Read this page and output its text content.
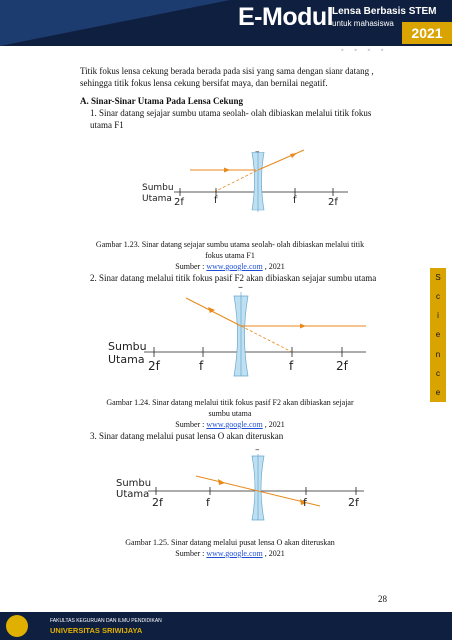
E-Modul
Lensa Berbasis STEM
untuk mahasiswa
2021
• • • •
S
c
i
e
n
c
e
Titik fokus lensa cekung berada berada pada sisi yang sama dengan sianr datang ,
sehingga titik fokus lensa cekung bersifat maya, dan bernilai negatif.
A. Sinar-Sinar Utama Pada Lensa Cekung
1. Sinar datang sejajar sumbu utama seolah- olah dibiaskan melalui titik fokus
utama F1
–
Sumbu
Utama 2f	f	f	2f
Gambar 1.23. Sinar datang sejajar sumbu utama seolah- olah dibiaskan melalui titik
fokus utama F1
Sumber : www.google.com , 2021
2. Sinar datang melalui titik fokus pasif F2 akan dibiaskan sejajar sumbu utama
–
Sumbu
Utama 2f	f	f	2f
Gambar 1.24. Sinar datang melalui titik fokus pasif F2 akan dibiaskan sejajar
sumbu utama
Sumber : www.google.com , 2021
3. Sinar datang melalui pusat lensa O akan diteruskan
–
Sumbu
Utama
2f	f	f	2f
Gambar 1.25. Sinar datang melalui pusat lensa O akan diteruskan
Sumber : www.google.com , 2021
28
FAKULTAS KEGURUAN DAN ILMU PENDIDIKAN
UNIVERSITAS SRIWIJAYA
